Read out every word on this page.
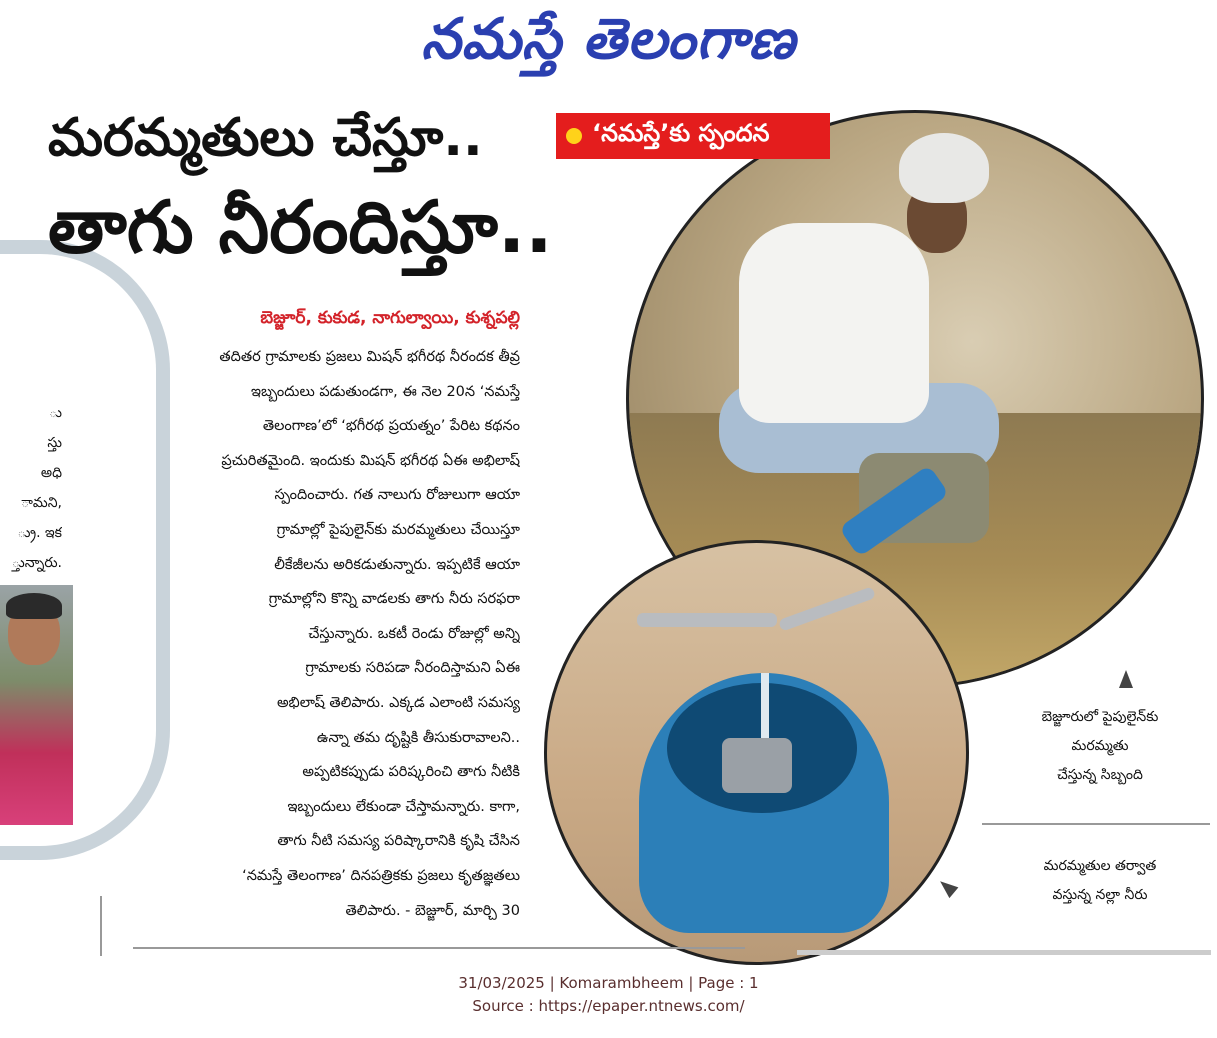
నమస్తే తెలంగాణ
ు
స్తు
అధి
ామని,
్రు. ఇక
్తున్నారు.
మరమ్మతులు చేస్తూ..
తాగు నీరందిస్తూ..
‘నమస్తే’కు స్పందన
బెజ్జూర్‌, కుకుడ, నాగుల్వాయి, కుశ్నపల్లి
తదితర గ్రామాలకు ప్రజలు మిషన్‌ భగీరథ నీరందక తీవ్ర
ఇబ్బందులు పడుతుండగా, ఈ నెల 20న ‘నమస్తే
తెలంగాణ’లో ‘భగీరథ ప్రయత్నం’ పేరిట కథనం
ప్రచురితమైంది. ఇందుకు మిషన్‌ భగీరథ ఏఈ అభిలాష్‌
స్పందించారు. గత నాలుగు రోజులుగా ఆయా
గ్రామాల్లో పైపులైన్‌కు మరమ్మతులు చేయిస్తూ
లీకేజీలను అరికడుతున్నారు. ఇప్పటికే ఆయా
గ్రామాల్లోని కొన్ని వాడలకు తాగు నీరు సరఫరా
చేస్తున్నారు. ఒకటీ రెండు రోజుల్లో అన్ని
గ్రామాలకు సరిపడా నీరందిస్తామని ఏఈ
అభిలాష్‌ తెలిపారు. ఎక్కడ ఎలాంటి సమస్య
ఉన్నా తమ దృష్టికి తీసుకురావాలని..
అప్పటికప్పుడు పరిష్కరించి తాగు నీటికి
ఇబ్బందులు లేకుండా చేస్తామన్నారు. కాగా,
తాగు నీటి సమస్య పరిష్కారానికి కృషి చేసిన
‘నమస్తే తెలంగాణ’ దినపత్రికకు ప్రజలు కృతజ్ఞతలు
తెలిపారు. - బెజ్జూర్‌, మార్చి 30
బెజ్జూరులో పైపులైన్‌కు
మరమ్మతు
చేస్తున్న సిబ్బంది
మరమ్మతుల తర్వాత
వస్తున్న నల్లా నీరు
31/03/2025 | Komarambheem | Page : 1
Source : https://epaper.ntnews.com/
